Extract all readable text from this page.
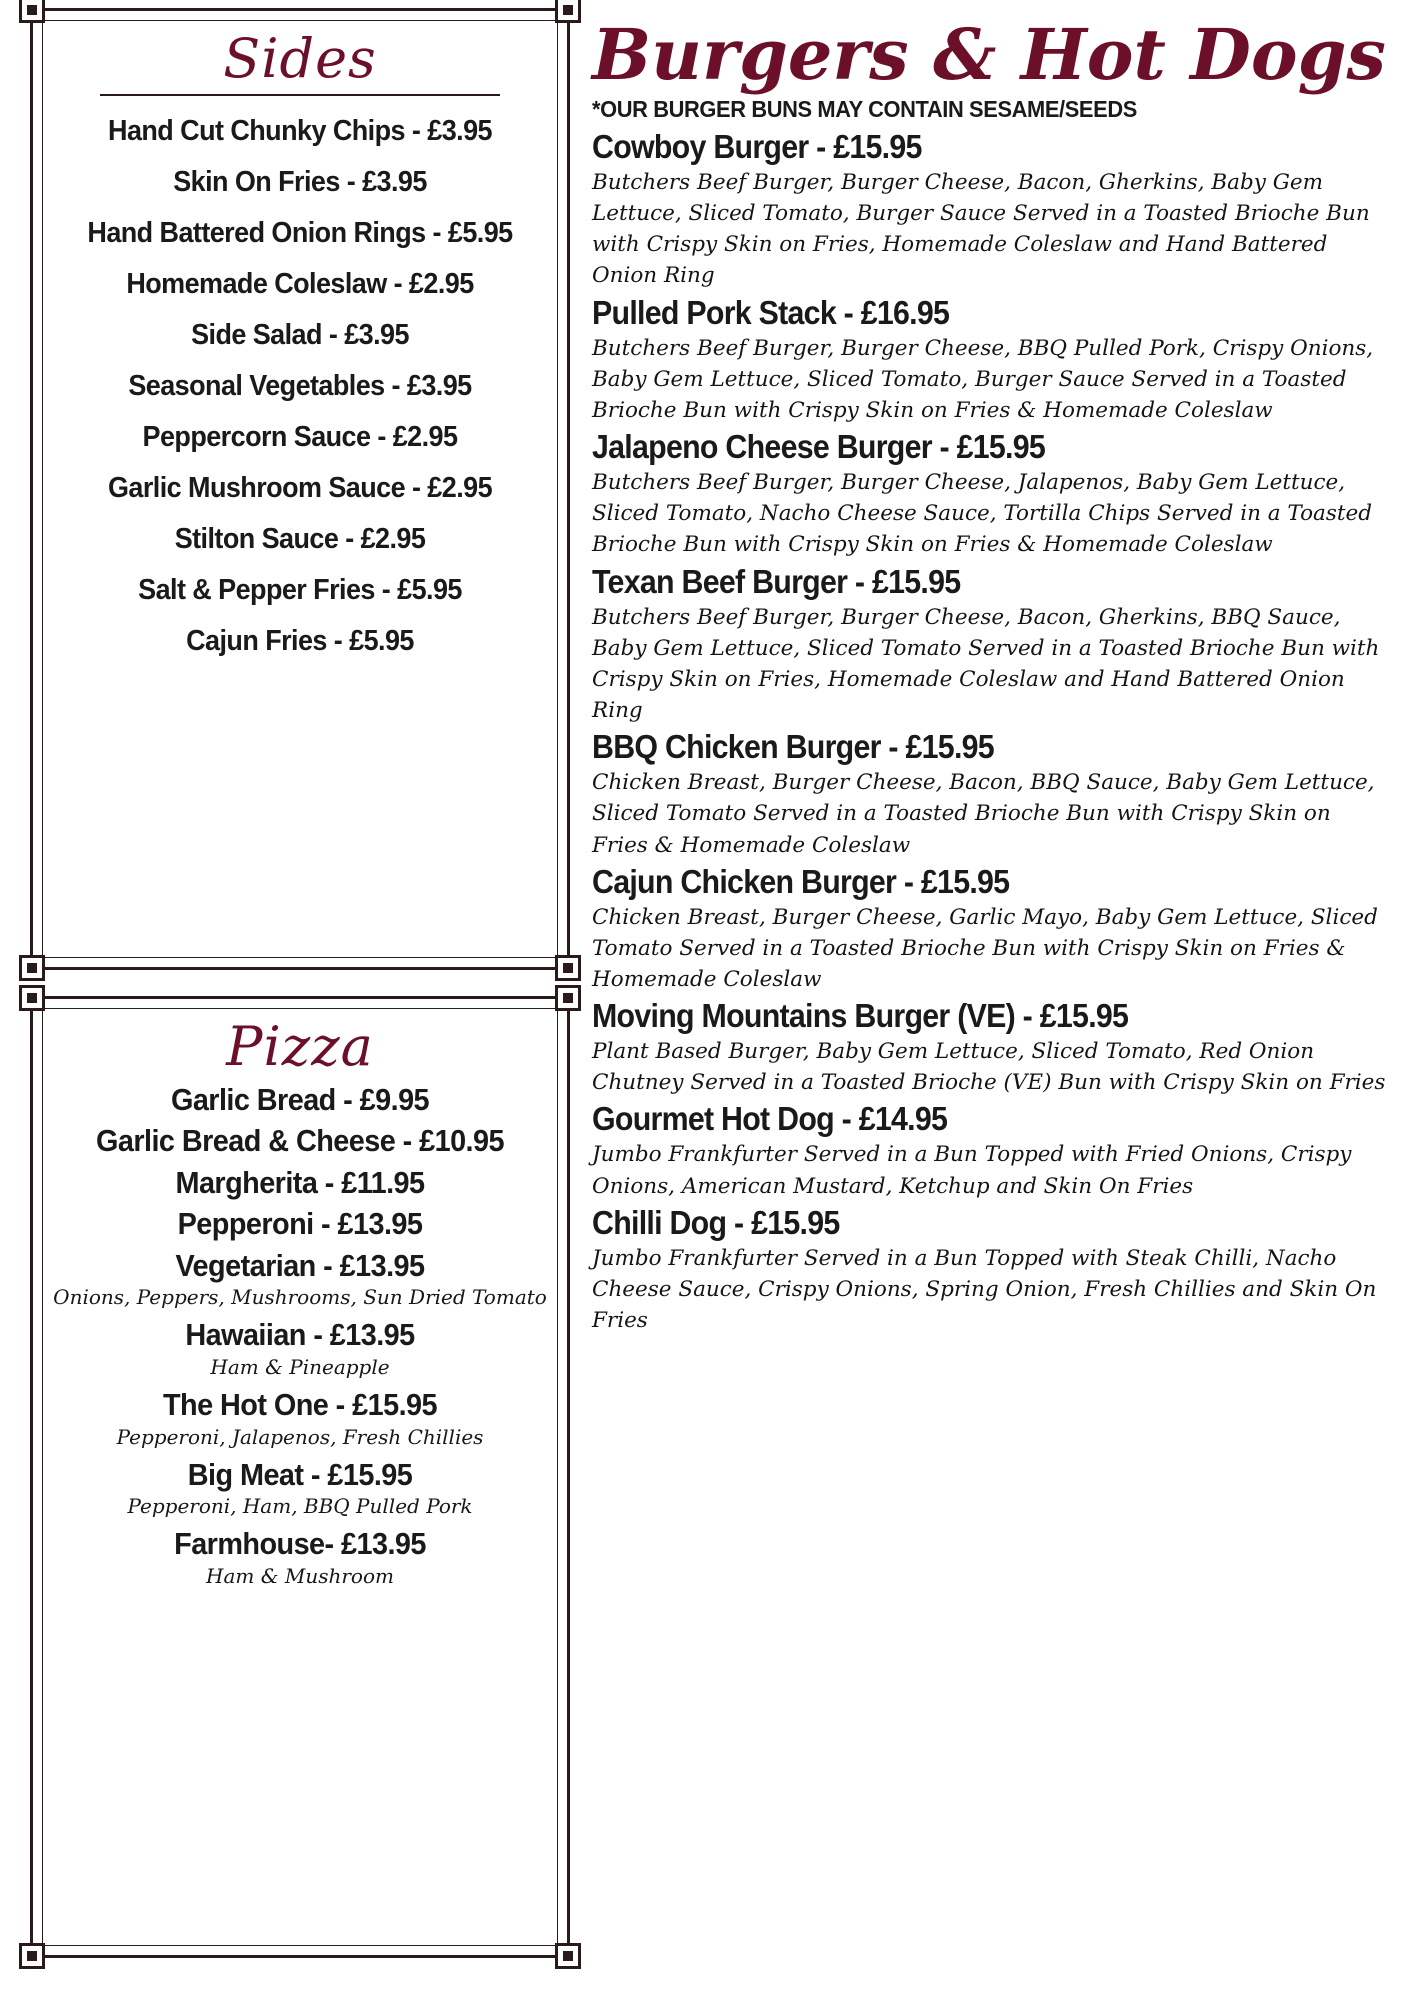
Sides
Hand Cut Chunky Chips - £3.95
Skin On Fries - £3.95
Hand Battered Onion Rings - £5.95
Homemade Coleslaw - £2.95
Side Salad - £3.95
Seasonal Vegetables - £3.95
Peppercorn Sauce - £2.95
Garlic Mushroom Sauce - £2.95
Stilton Sauce - £2.95
Salt & Pepper Fries - £5.95
Cajun Fries - £5.95
Pizza
Garlic Bread - £9.95
Garlic Bread & Cheese - £10.95
Margherita - £11.95
Pepperoni - £13.95
Vegetarian - £13.95
Onions, Peppers, Mushrooms, Sun Dried Tomato
Hawaiian - £13.95
Ham & Pineapple
The Hot One - £15.95
Pepperoni, Jalapenos, Fresh Chillies
Big Meat - £15.95
Pepperoni, Ham, BBQ Pulled Pork
Farmhouse- £13.95
Ham & Mushroom
Burgers & Hot Dogs

*OUR BURGER BUNS MAY CONTAIN SESAME/SEEDS

Cowboy Burger - £15.95
Butchers Beef Burger, Burger Cheese, Bacon, Gherkins, Baby Gem Lettuce, Sliced Tomato, Burger Sauce Served in a Toasted Brioche Bun with Crispy Skin on Fries, Homemade Coleslaw and Hand Battered Onion Ring
Pulled Pork Stack - £16.95
Butchers Beef Burger, Burger Cheese, BBQ Pulled Pork, Crispy Onions, Baby Gem Lettuce, Sliced Tomato, Burger Sauce Served in a Toasted Brioche Bun with Crispy Skin on Fries & Homemade Coleslaw
Jalapeno Cheese Burger - £15.95
Butchers Beef Burger, Burger Cheese, Jalapenos, Baby Gem Lettuce, Sliced Tomato, Nacho Cheese Sauce, Tortilla Chips Served in a Toasted Brioche Bun with Crispy Skin on Fries & Homemade Coleslaw
Texan Beef Burger - £15.95
Butchers Beef Burger, Burger Cheese, Bacon, Gherkins, BBQ Sauce, Baby Gem Lettuce, Sliced Tomato Served in a Toasted Brioche Bun with Crispy Skin on Fries, Homemade Coleslaw and Hand Battered Onion Ring
BBQ Chicken Burger - £15.95
Chicken Breast, Burger Cheese, Bacon, BBQ Sauce, Baby Gem Lettuce, Sliced Tomato Served in a Toasted Brioche Bun with Crispy Skin on Fries & Homemade Coleslaw
Cajun Chicken Burger - £15.95
Chicken Breast, Burger Cheese, Garlic Mayo, Baby Gem Lettuce, Sliced Tomato Served in a Toasted Brioche Bun with Crispy Skin on Fries & Homemade Coleslaw
Moving Mountains Burger (VE) - £15.95
Plant Based Burger, Baby Gem Lettuce, Sliced Tomato, Red Onion Chutney Served in a Toasted Brioche (VE) Bun with Crispy Skin on Fries
Gourmet Hot Dog - £14.95
Jumbo Frankfurter Served in a Bun Topped with Fried Onions, Crispy Onions, American Mustard, Ketchup and Skin On Fries
Chilli Dog - £15.95
Jumbo Frankfurter Served in a Bun Topped with Steak Chilli, Nacho Cheese Sauce, Crispy Onions, Spring Onion, Fresh Chillies and Skin On Fries
